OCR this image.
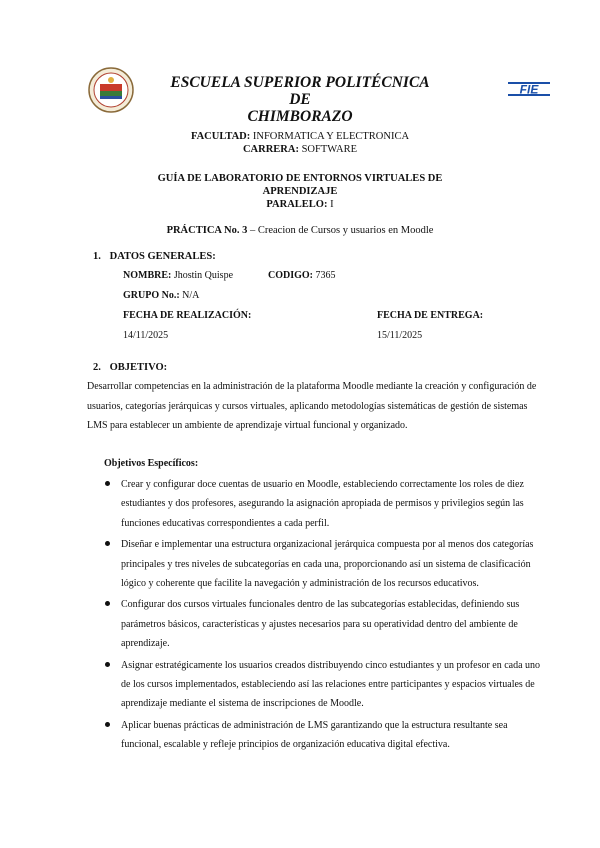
ESCUELA SUPERIOR POLITÉCNICA DE
CHIMBORAZO
FIE
FACULTAD: INFORMATICA Y ELECTRONICA
CARRERA: SOFTWARE
GUÍA DE LABORATORIO DE ENTORNOS VIRTUALES DE
APRENDIZAJE
PARALELO: I
PRÁCTICA No. 3 – Creacion de Cursos y usuarios en Moodle
1. DATOS GENERALES:
NOMBRE: Jhostin Quispe	CODIGO: 7365
GRUPO No.: N/A
FECHA DE REALIZACIÓN:	FECHA DE ENTREGA:
14/11/2025	15/11/2025
2. OBJETIVO:
Desarrollar competencias en la administración de la plataforma Moodle mediante la creación y configuración de usuarios, categorías jerárquicas y cursos virtuales, aplicando metodologías sistemáticas de gestión de sistemas LMS para establecer un ambiente de aprendizaje virtual funcional y organizado.
Objetivos Específicos:
Crear y configurar doce cuentas de usuario en Moodle, estableciendo correctamente los roles de diez estudiantes y dos profesores, asegurando la asignación apropiada de permisos y privilegios según las funciones educativas correspondientes a cada perfil.
Diseñar e implementar una estructura organizacional jerárquica compuesta por al menos dos categorías principales y tres niveles de subcategorías en cada una, proporcionando así un sistema de clasificación lógico y coherente que facilite la navegación y administración de los recursos educativos.
Configurar dos cursos virtuales funcionales dentro de las subcategorías establecidas, definiendo sus parámetros básicos, características y ajustes necesarios para su operatividad dentro del ambiente de aprendizaje.
Asignar estratégicamente los usuarios creados distribuyendo cinco estudiantes y un profesor en cada uno de los cursos implementados, estableciendo así las relaciones entre participantes y espacios virtuales de aprendizaje mediante el sistema de inscripciones de Moodle.
Aplicar buenas prácticas de administración de LMS garantizando que la estructura resultante sea funcional, escalable y refleje principios de organización educativa digital efectiva.
